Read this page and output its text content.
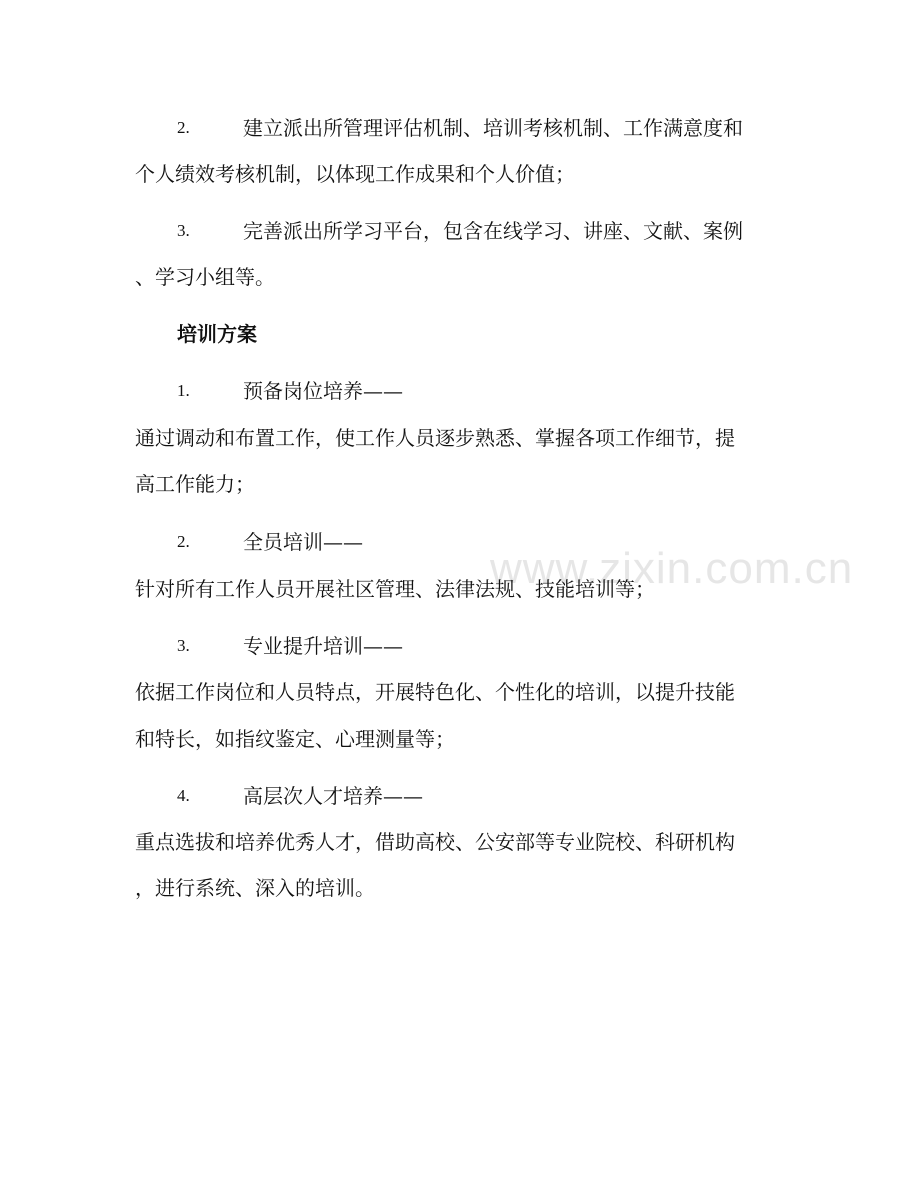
www.zixin.com.cn
2.	建立派出所管理评估机制、培训考核机制、工作满意度和
个人绩效考核机制，以体现工作成果和个人价值；
3.	完善派出所学习平台，包含在线学习、讲座、文献、案例
、学习小组等。
培训方案
1.	预备岗位培养——
通过调动和布置工作，使工作人员逐步熟悉、掌握各项工作细节，提
高工作能力；
2.	全员培训——
针对所有工作人员开展社区管理、法律法规、技能培训等；
3.	专业提升培训——
依据工作岗位和人员特点，开展特色化、个性化的培训，以提升技能
和特长，如指纹鉴定、心理测量等；
4.	高层次人才培养——
重点选拔和培养优秀人才，借助高校、公安部等专业院校、科研机构
，进行系统、深入的培训。
